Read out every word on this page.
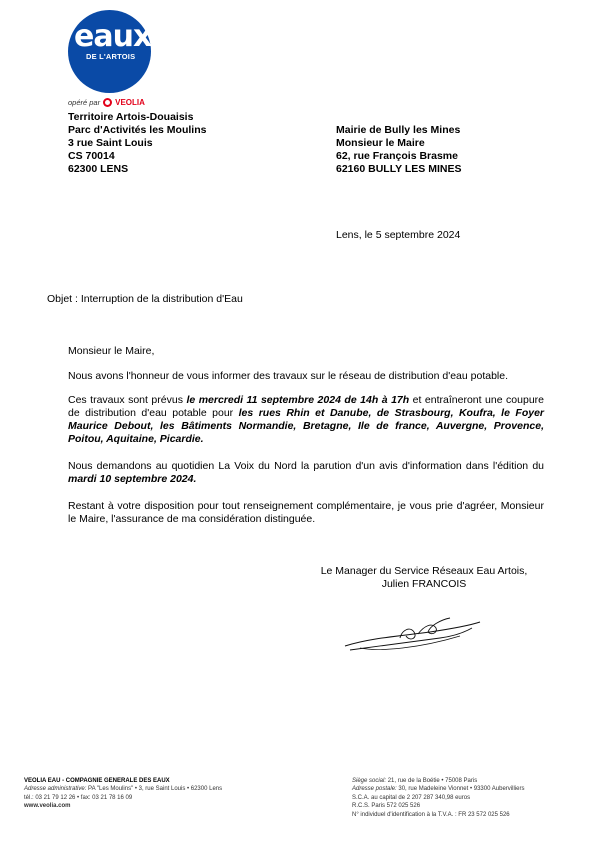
eaux
DE L'ARTOIS
opéré par VEOLIA
Territoire Artois-Douaisis
Parc d'Activités les Moulins
3 rue Saint Louis
CS 70014
62300 LENS
Mairie de Bully les Mines
Monsieur le Maire
62, rue François Brasme
62160 BULLY LES MINES
Lens, le 5 septembre 2024
Objet : Interruption de la distribution d'Eau
Monsieur le Maire,
Nous avons l'honneur de vous informer des travaux sur le réseau de distribution d'eau potable.
Ces travaux sont prévus le mercredi 11 septembre 2024 de 14h à 17h et entraîneront une coupure de distribution d'eau potable pour les rues Rhin et Danube, de Strasbourg, Koufra, le Foyer Maurice Debout, les Bâtiments Normandie, Bretagne, Ile de france, Auvergne, Provence, Poitou, Aquitaine, Picardie.
Nous demandons au quotidien La Voix du Nord la parution d'un avis d'information dans l'édition du mardi 10 septembre 2024.
Restant à votre disposition pour tout renseignement complémentaire, je vous prie d'agréer, Monsieur le Maire, l'assurance de ma considération distinguée.
Le Manager du Service Réseaux Eau Artois,
Julien FRANCOIS
VEOLIA EAU - COMPAGNIE GENERALE DES EAUX
Adresse administrative: PA "Les Moulins" • 3, rue Saint Louis • 62300 Lens
tél.: 03 21 79 12 26 • fax: 03 21 78 16 09
www.veolia.com
Siège social: 21, rue de la Boétie • 75008 Paris
Adresse postale: 30, rue Madeleine Vionnet • 93300 Aubervilliers
S.C.A. au capital de 2 207 287 340,98 euros
R.C.S. Paris 572 025 526
N° individuel d'identification à la T.V.A. : FR 23 572 025 526
